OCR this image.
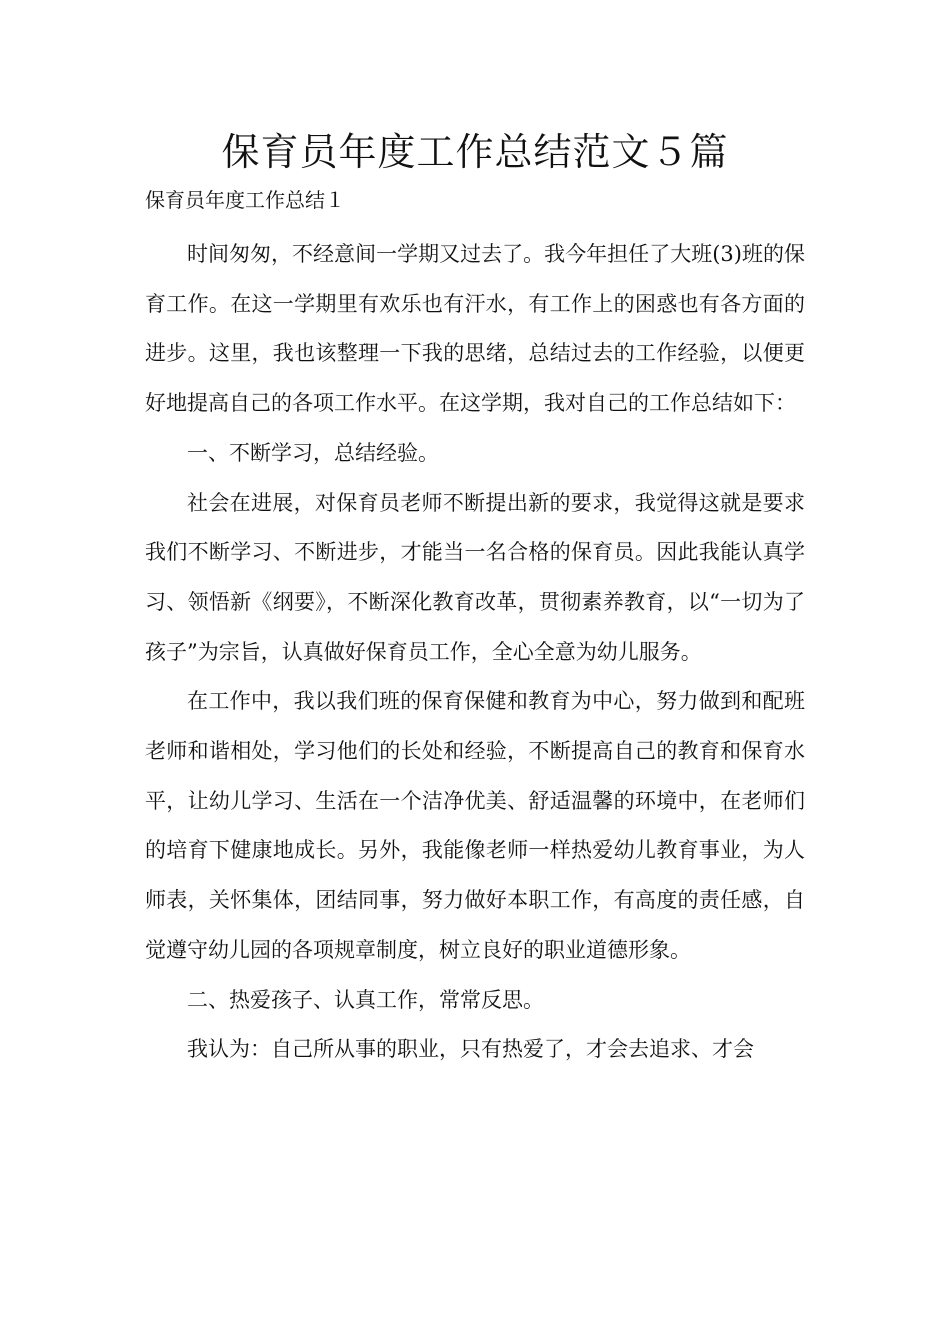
保育员年度工作总结范文５篇

保育员年度工作总结１

时间匆匆，不经意间一学期又过去了。我今年担任了大班(3)班的保育工作。在这一学期里有欢乐也有汗水，有工作上的困惑也有各方面的进步。这里，我也该整理一下我的思绪，总结过去的工作经验，以便更好地提高自己的各项工作水平。在这学期，我对自己的工作总结如下：

一、不断学习，总结经验。

社会在进展，对保育员老师不断提出新的要求，我觉得这就是要求我们不断学习、不断进步，才能当一名合格的保育员。因此我能认真学习、领悟新《纲要》，不断深化教育改革，贯彻素养教育，以“一切为了孩子”为宗旨，认真做好保育员工作，全心全意为幼儿服务。

在工作中，我以我们班的保育保健和教育为中心，努力做到和配班老师和谐相处，学习他们的长处和经验，不断提高自己的教育和保育水平，让幼儿学习、生活在一个洁净优美、舒适温馨的环境中，在老师们的培育下健康地成长。另外，我能像老师一样热爱幼儿教育事业，为人师表，关怀集体，团结同事，努力做好本职工作，有高度的责任感，自觉遵守幼儿园的各项规章制度，树立良好的职业道德形象。

二、热爱孩子、认真工作，常常反思。

我认为：自己所从事的职业，只有热爱了，才会去追求、才会
